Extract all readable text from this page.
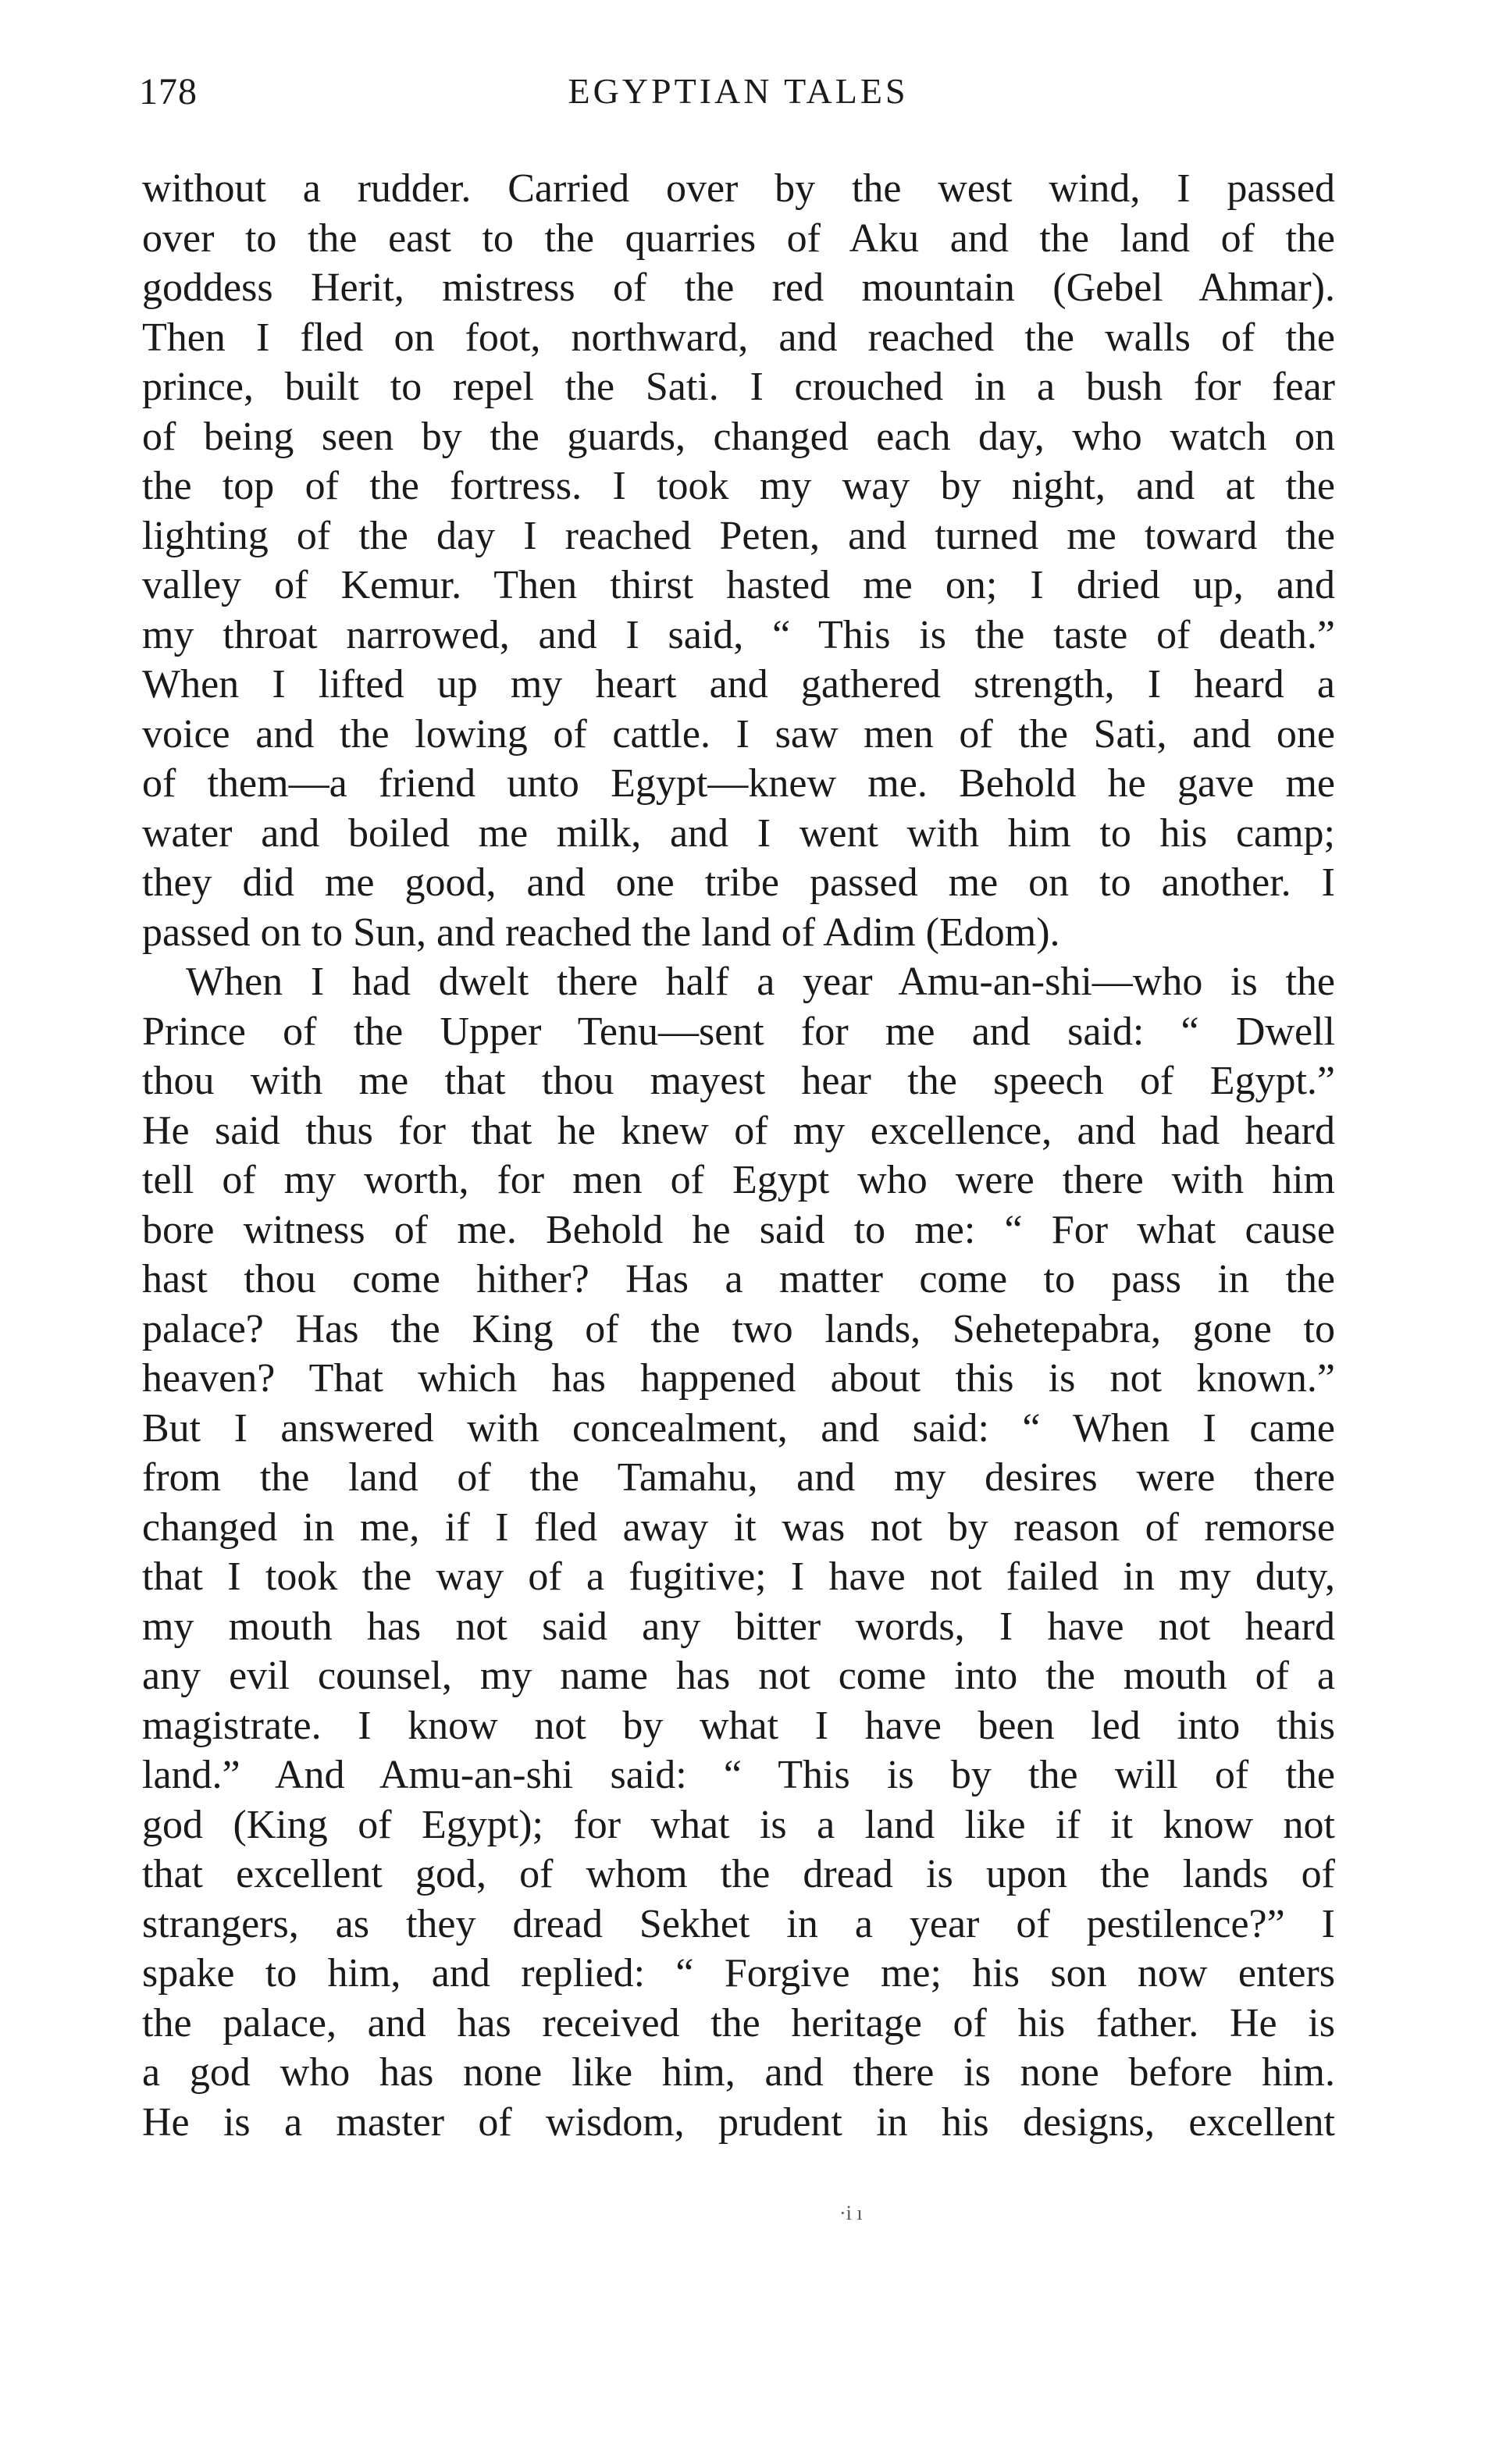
178	EGYPTIAN TALES
without a rudder. Carried over by the west wind, I passed
over to the east to the quarries of Aku and the land of the
goddess Herit, mistress of the red mountain (Gebel Ahmar).
Then I fled on foot, northward, and reached the walls of the
prince, built to repel the Sati. I crouched in a bush for fear
of being seen by the guards, changed each day, who watch on
the top of the fortress. I took my way by night, and at the
lighting of the day I reached Peten, and turned me toward the
valley of Kemur. Then thirst hasted me on; I dried up, and
my throat narrowed, and I said, “ This is the taste of death.”
When I lifted up my heart and gathered strength, I heard a
voice and the lowing of cattle. I saw men of the Sati, and one
of them—a friend unto Egypt—knew me. Behold he gave me
water and boiled me milk, and I went with him to his camp;
they did me good, and one tribe passed me on to another. I
passed on to Sun, and reached the land of Adim (Edom).
When I had dwelt there half a year Amu-an-shi—who is the
Prince of the Upper Tenu—sent for me and said: “ Dwell
thou with me that thou mayest hear the speech of Egypt.”
He said thus for that he knew of my excellence, and had heard
tell of my worth, for men of Egypt who were there with him
bore witness of me. Behold he said to me: “ For what cause
hast thou come hither? Has a matter come to pass in the
palace? Has the King of the two lands, Sehetepabra, gone to
heaven? That which has happened about this is not known.”
But I answered with concealment, and said: “ When I came
from the land of the Tamahu, and my desires were there
changed in me, if I fled away it was not by reason of remorse
that I took the way of a fugitive; I have not failed in my duty,
my mouth has not said any bitter words, I have not heard
any evil counsel, my name has not come into the mouth of a
magistrate. I know not by what I have been led into this
land.” And Amu-an-shi said: “ This is by the will of the
god (King of Egypt); for what is a land like if it know not
that excellent god, of whom the dread is upon the lands of
strangers, as they dread Sekhet in a year of pestilence?” I
spake to him, and replied: “ Forgive me; his son now enters
the palace, and has received the heritage of his father. He is
a god who has none like him, and there is none before him.
He is a master of wisdom, prudent in his designs, excellent
·i ı
